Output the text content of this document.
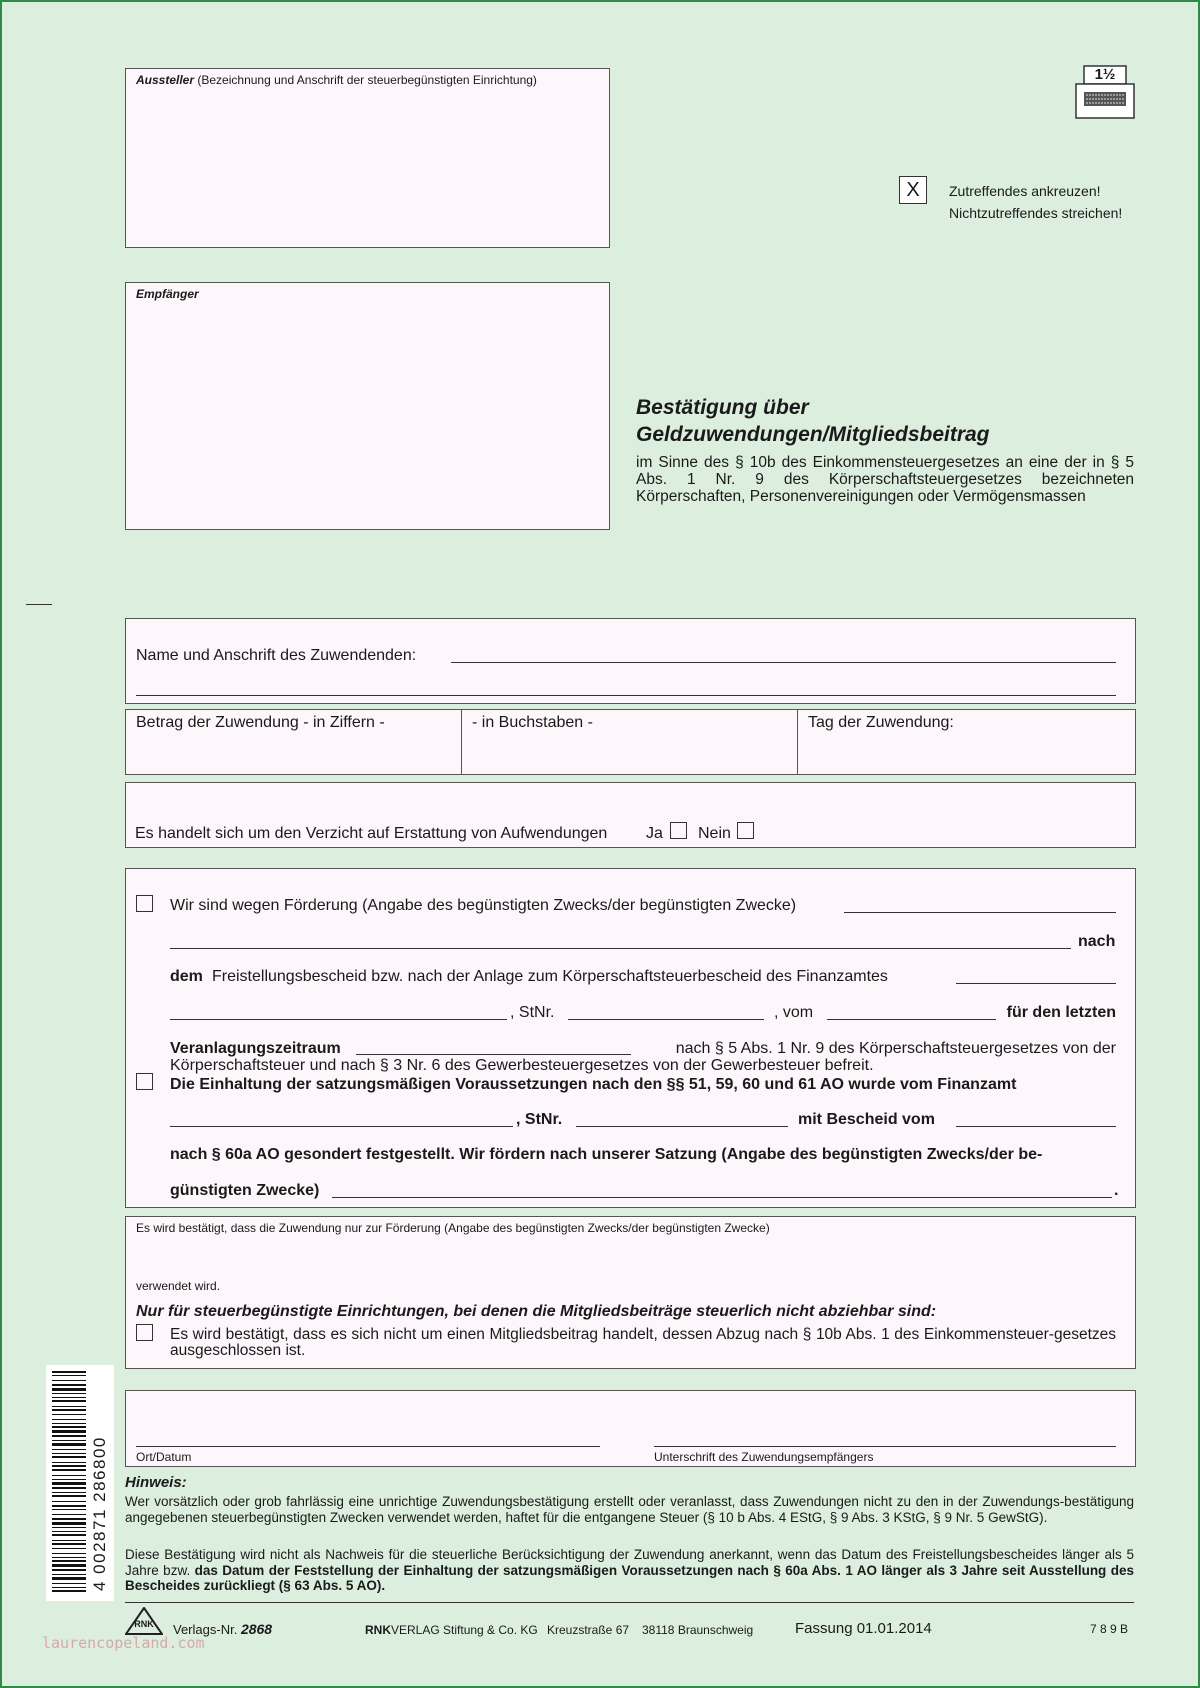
Aussteller (Bezeichnung und Anschrift der steuerbegünstigten Einrichtung)
Empfänger
1½
X	Zutreffendes ankreuzen!
Nichtzutreffendes streichen!
Bestätigung über
Geldzuwendungen/Mitgliedsbeitrag
im Sinne des § 10b des Einkommensteuergesetzes an eine der in § 5 Abs. 1 Nr. 9 des Körperschaftsteuergesetzes bezeichneten Körperschaften, Personenvereinigungen oder Vermögensmassen
Name und Anschrift des Zuwendenden:
Betrag der Zuwendung - in Ziffern -	- in Buchstaben -	Tag der Zuwendung:
Es handelt sich um den Verzicht auf Erstattung von Aufwendungen Ja Nein
Wir sind wegen Förderung (Angabe des begünstigten Zwecks/der begünstigten Zwecke)
nach
dem Freistellungsbescheid bzw. nach der Anlage zum Körperschaftsteuerbescheid des Finanzamtes
, StNr.	, vom	für den letzten
Veranlagungszeitraum	nach § 5 Abs. 1 Nr. 9 des Körperschaftsteuergesetzes von der
Körperschaftsteuer und nach § 3 Nr. 6 des Gewerbesteuergesetzes von der Gewerbesteuer befreit.
Die Einhaltung der satzungsmäßigen Voraussetzungen nach den §§ 51, 59, 60 und 61 AO wurde vom Finanzamt
, StNr.	mit Bescheid vom
nach § 60a AO gesondert festgestellt. Wir fördern nach unserer Satzung (Angabe des begünstigten Zwecks/der be-
günstigten Zwecke)	.
Es wird bestätigt, dass die Zuwendung nur zur Förderung (Angabe des begünstigten Zwecks/der begünstigten Zwecke)
verwendet wird.
Nur für steuerbegünstigte Einrichtungen, bei denen die Mitgliedsbeiträge steuerlich nicht abziehbar sind:
Es wird bestätigt, dass es sich nicht um einen Mitgliedsbeitrag handelt, dessen Abzug nach § 10b Abs. 1 des Einkommensteuer-gesetzes ausgeschlossen ist.
Ort/Datum	Unterschrift des Zuwendungsempfängers
Hinweis:
Wer vorsätzlich oder grob fahrlässig eine unrichtige Zuwendungsbestätigung erstellt oder veranlasst, dass Zuwendungen nicht zu den in der Zuwendungs-bestätigung angegebenen steuerbegünstigten Zwecken verwendet werden, haftet für die entgangene Steuer (§ 10 b Abs. 4 EStG, § 9 Abs. 3 KStG, § 9 Nr. 5 GewStG).
Diese Bestätigung wird nicht als Nachweis für die steuerliche Berücksichtigung der Zuwendung anerkannt, wenn das Datum des Freistellungsbescheides länger als 5 Jahre bzw. das Datum der Feststellung der Einhaltung der satzungsmäßigen Voraussetzungen nach § 60a Abs. 1 AO länger als 3 Jahre seit Ausstellung des Bescheides zurückliegt (§ 63 Abs. 5 AO).
4 002871 286800
RNK Verlags-Nr. 2868	RNKVERLAG Stiftung & Co. KG Kreuzstraße 67 38118 Braunschweig	Fassung 01.01.2014	7 8 9 B
laurencopeland.com
